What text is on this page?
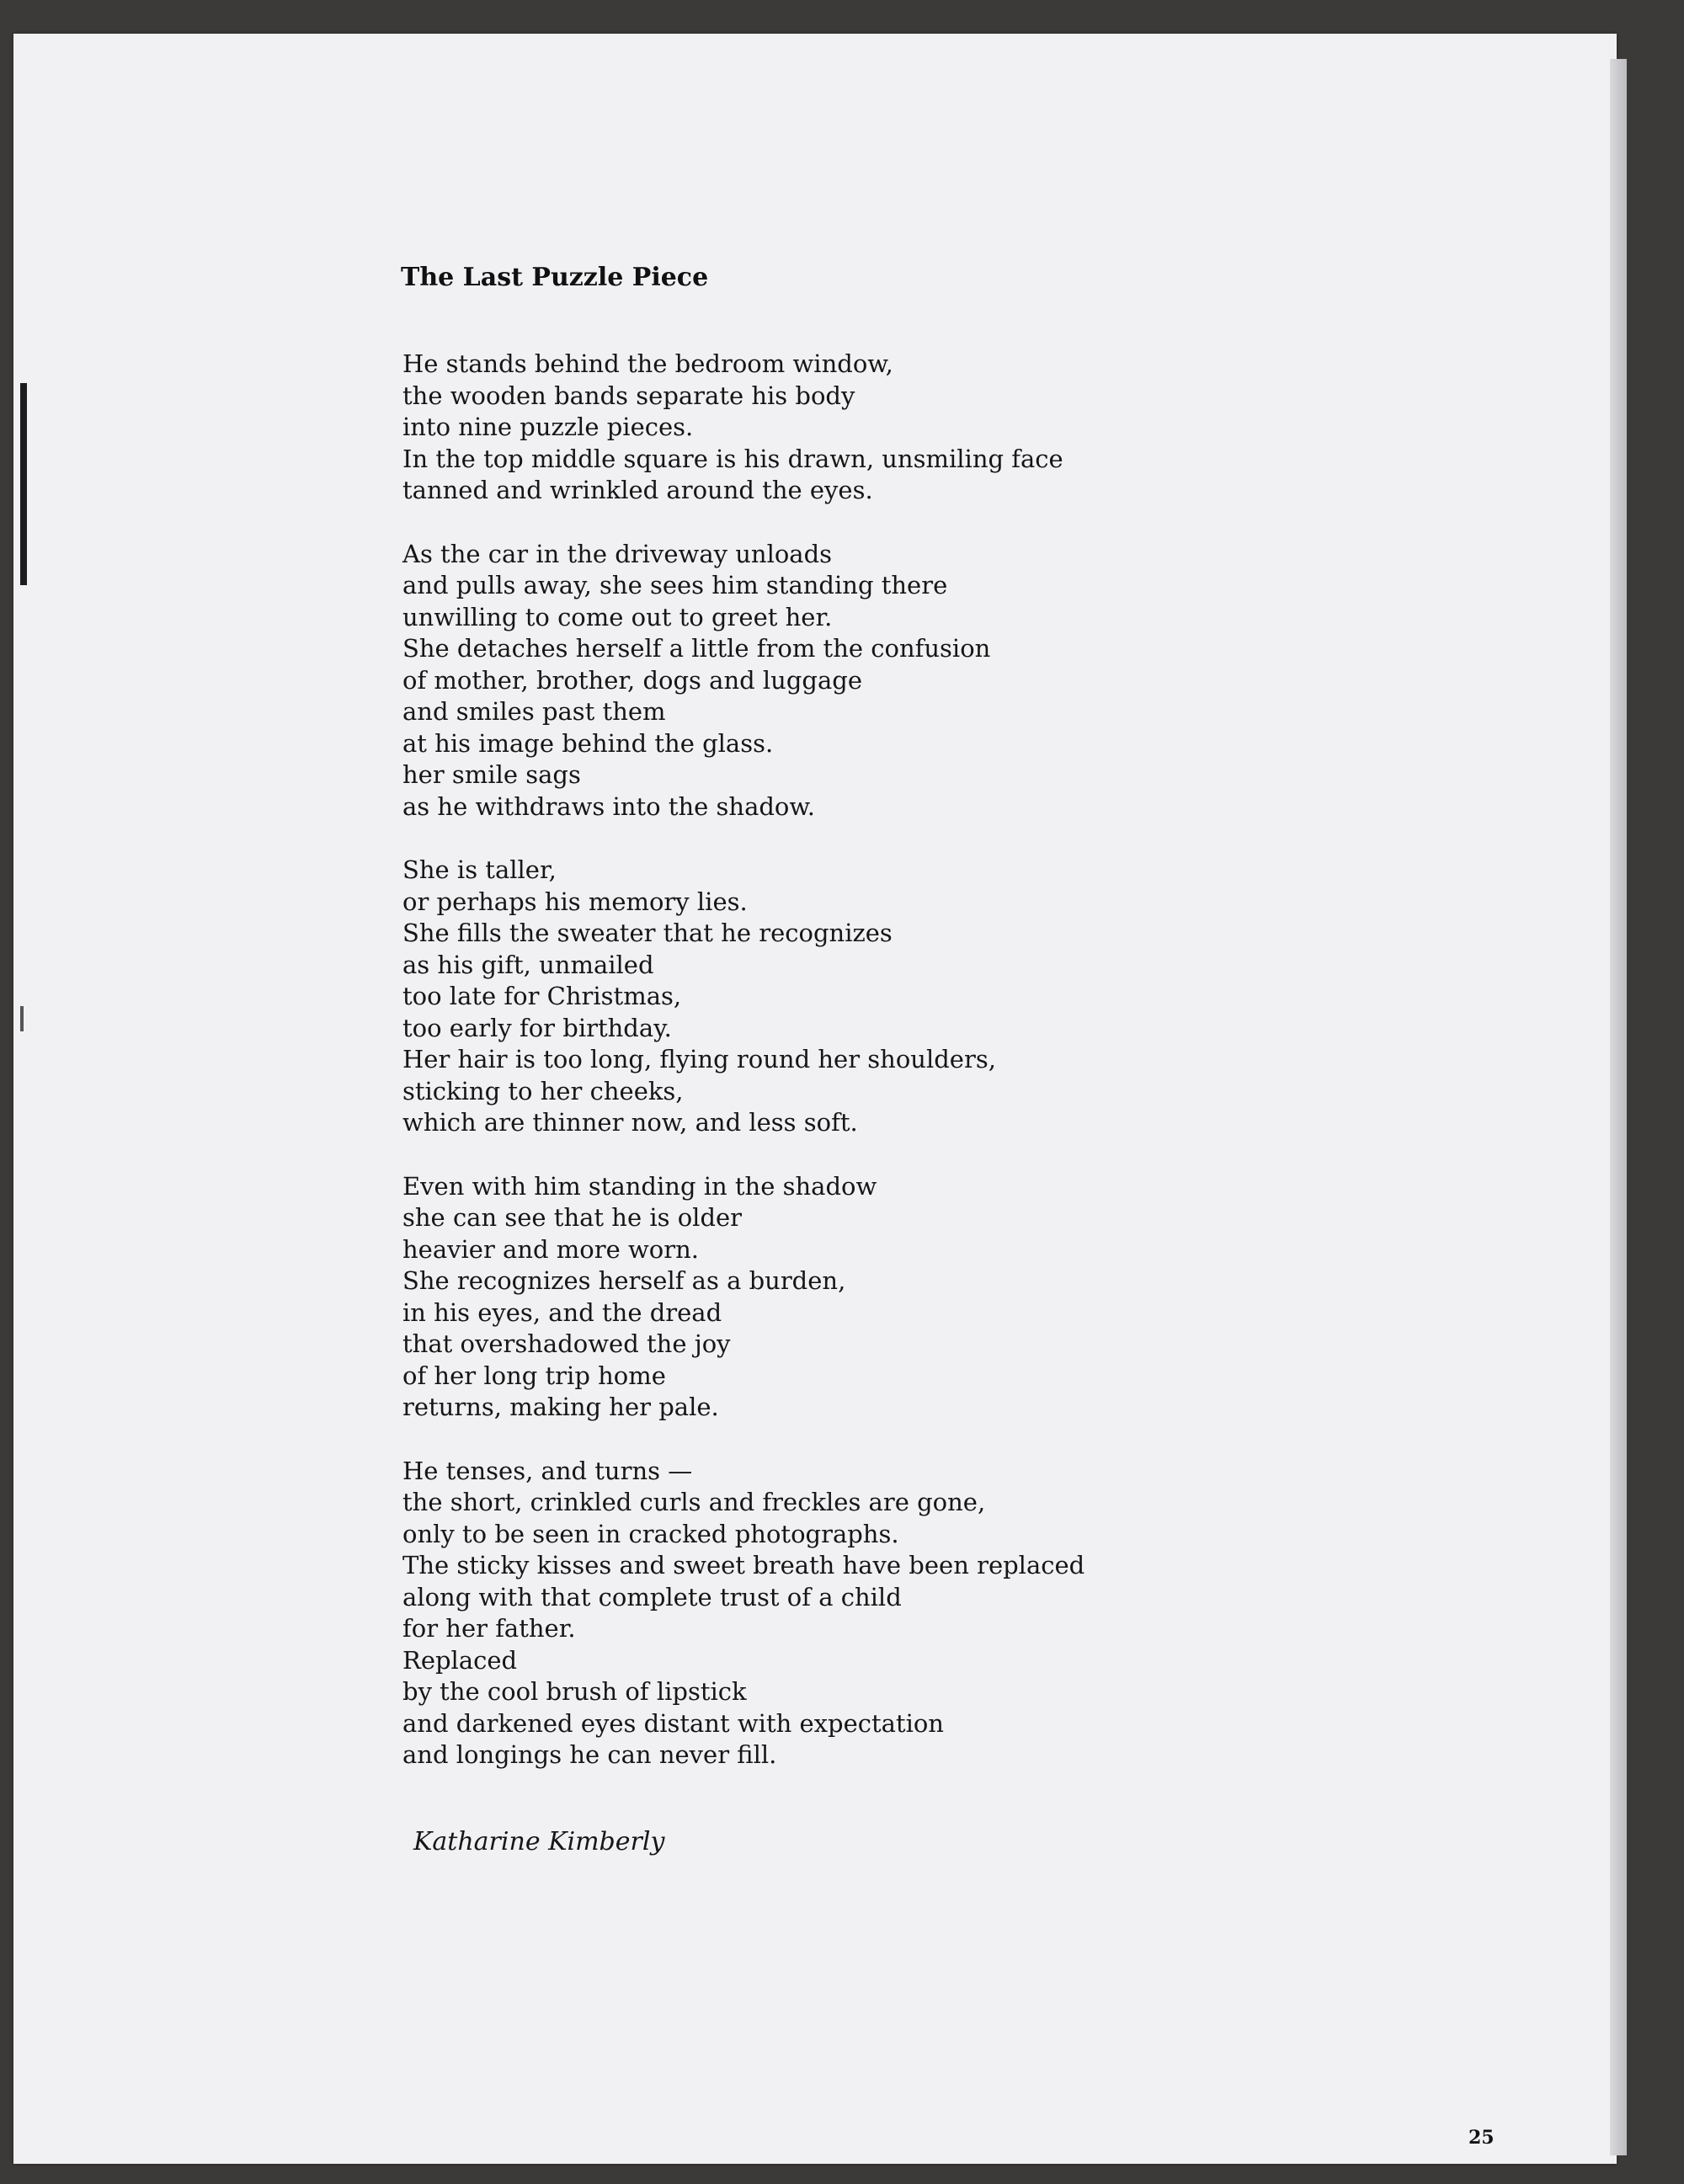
The Last Puzzle Piece
He stands behind the bedroom window,
the wooden bands separate his body
into nine puzzle pieces.
In the top middle square is his drawn, unsmiling face
tanned and wrinkled around the eyes.
As the car in the driveway unloads
and pulls away, she sees him standing there
unwilling to come out to greet her.
She detaches herself a little from the confusion
of mother, brother, dogs and luggage
and smiles past them
at his image behind the glass.
her smile sags
as he withdraws into the shadow.
She is taller,
or perhaps his memory lies.
She fills the sweater that he recognizes
as his gift, unmailed
too late for Christmas,
too early for birthday.
Her hair is too long, flying round her shoulders,
sticking to her cheeks,
which are thinner now, and less soft.
Even with him standing in the shadow
she can see that he is older
heavier and more worn.
She recognizes herself as a burden,
in his eyes, and the dread
that overshadowed the joy
of her long trip home
returns, making her pale.
He tenses, and turns —
the short, crinkled curls and freckles are gone,
only to be seen in cracked photographs.
The sticky kisses and sweet breath have been replaced
along with that complete trust of a child
for her father.
Replaced
by the cool brush of lipstick
and darkened eyes distant with expectation
and longings he can never fill.
Katharine Kimberly
25
